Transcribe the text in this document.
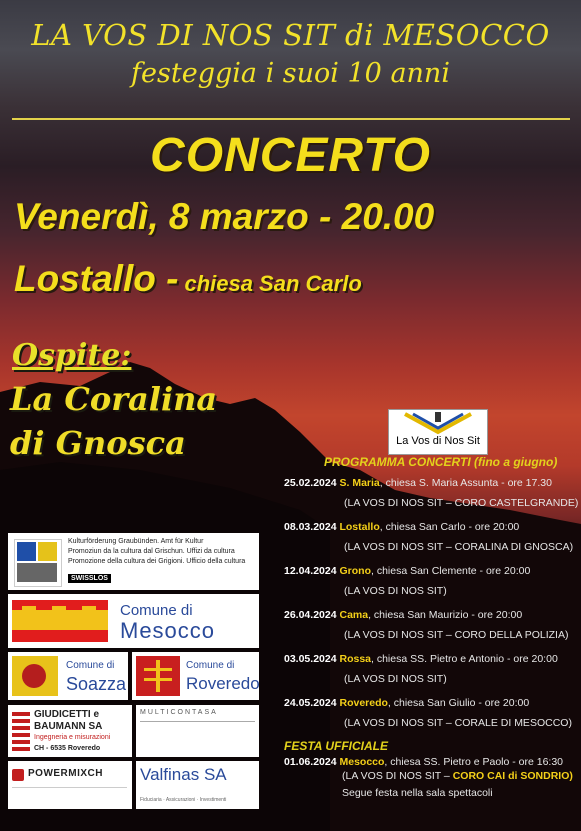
LA VOS DI NOS SIT di MESOCCO
festeggia i suoi 10 anni
CONCERTO
Venerdì, 8 marzo - 20.00
Lostallo - chiesa San Carlo
Ospite:
La Coralina
di Gnosca	La Vos di Nos Sit
PROGRAMMA CONCERTI (fino a giugno)
25.02.2024 S. Maria, chiesa S. Maria Assunta - ore 17.30
(LA VOS DI NOS SIT – CORO CASTELGRANDE)
08.03.2024 Lostallo, chiesa San Carlo - ore 20:00
(LA VOS DI NOS SIT – CORALINA DI GNOSCA)
12.04.2024 Grono, chiesa San Clemente - ore 20:00
(LA VOS DI NOS SIT)
26.04.2024 Cama, chiesa San Maurizio - ore 20:00
(LA VOS DI NOS SIT – CORO DELLA POLIZIA)
03.05.2024 Rossa, chiesa SS. Pietro e Antonio - ore 20:00
(LA VOS DI NOS SIT)
24.05.2024 Roveredo, chiesa San Giulio - ore 20:00
(LA VOS DI NOS SIT – CORALE DI MESOCCO)
FESTA UFFICIALE
01.06.2024 Mesocco, chiesa SS. Pietro e Paolo - ore 16:30
(LA VOS DI NOS SIT – CORO CAI di SONDRIO)
Segue festa nella sala spettacoli
Kulturförderung Graubünden. Amt für Kultur
Promoziun da la cultura dal Grischun. Uffizi da cultura
Promozione della cultura dei Grigioni. Ufficio della cultura
SWISSLOS
Comune di
Mesocco
Comune di
Soazza
Comune di
Roveredo
GIUDICETTI e
BAUMANN SA
Ingegneria e misurazioni
CH - 6535 Roveredo
MULTICONTASA
POWERMIXCH Valfinas SA
Fiduciaria · Assicurazioni · Investimenti
